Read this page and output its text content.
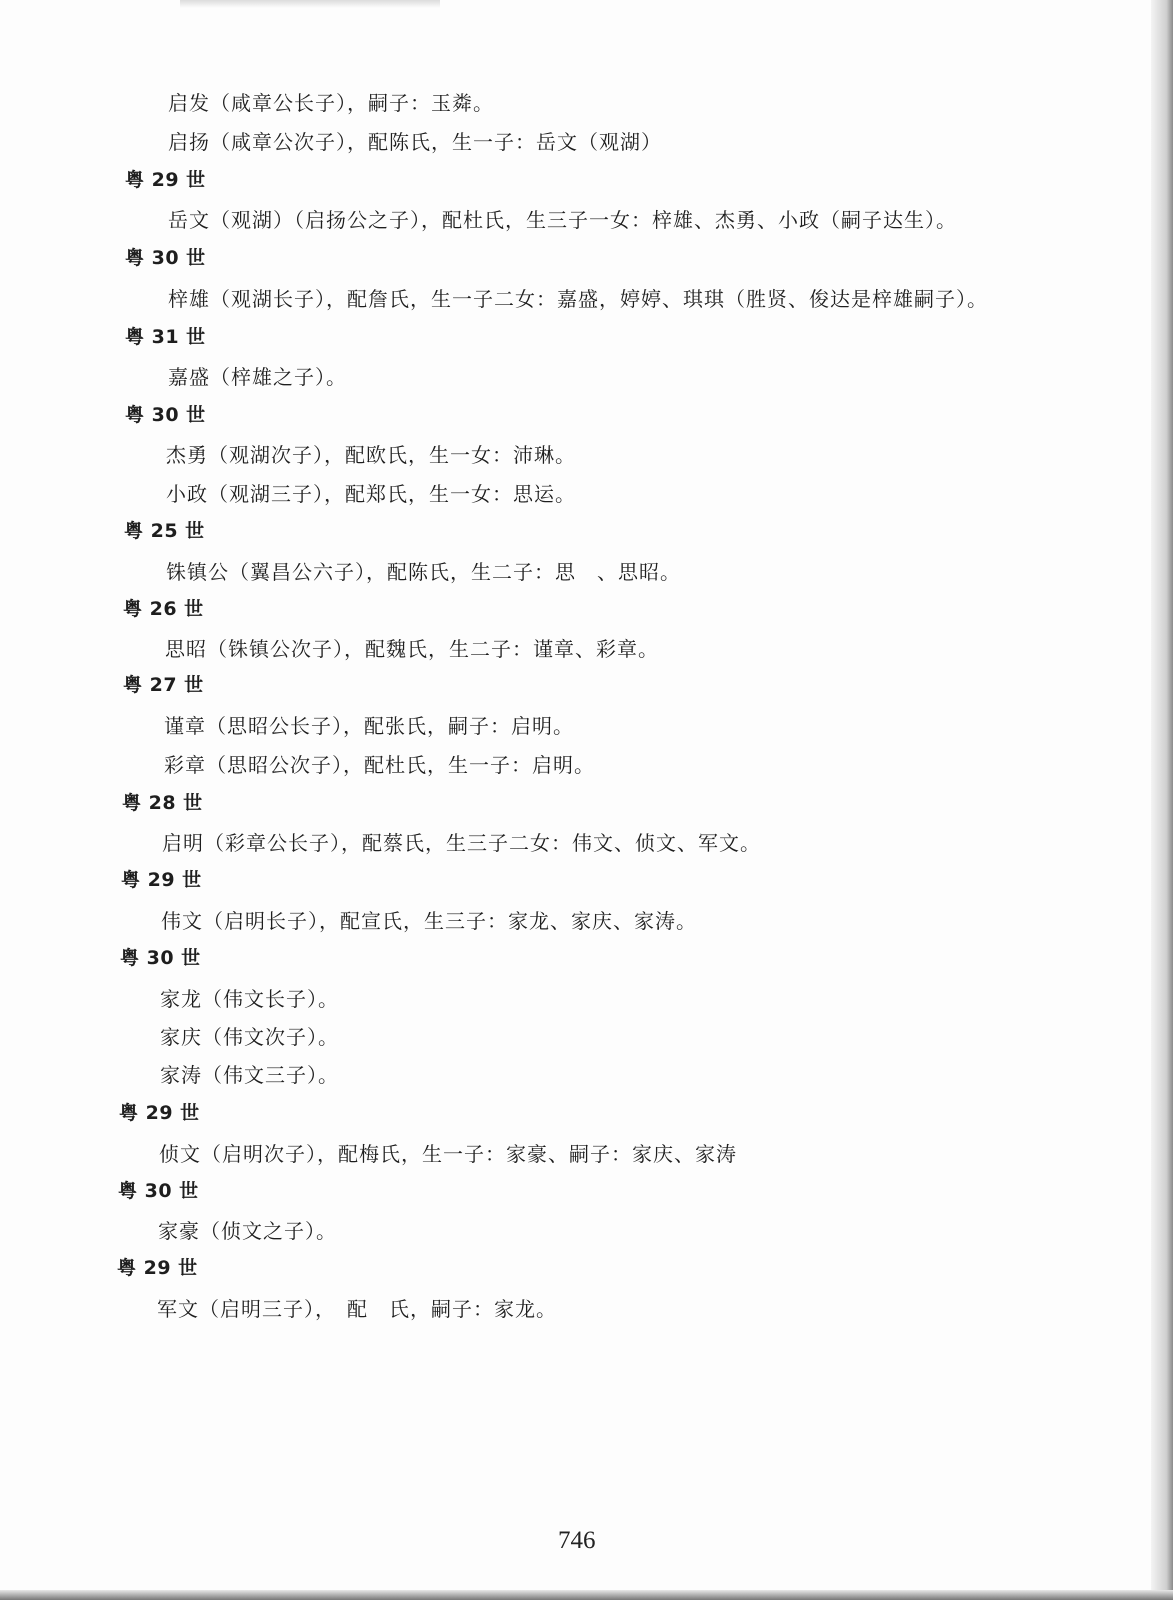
启发（咸章公长子），嗣子：玉粦。
启扬（咸章公次子），配陈氏，生一子：岳文（观湖）
粤 29 世
岳文（观湖）（启扬公之子），配杜氏，生三子一女：梓雄、杰勇、小政（嗣子达生）。
粤 30 世
梓雄（观湖长子），配詹氏，生一子二女：嘉盛，婷婷、琪琪（胜贤、俊达是梓雄嗣子）。
粤 31 世
嘉盛（梓雄之子）。
粤 30 世
杰勇（观湖次子），配欧氏，生一女：沛琳。
小政（观湖三子），配郑氏，生一女：思运。
粤 25 世
铢镇公（翼昌公六子），配陈氏，生二子：思　、思昭。
粤 26 世
思昭（铢镇公次子），配魏氏，生二子：谨章、彩章。
粤 27 世
谨章（思昭公长子），配张氏，嗣子：启明。
彩章（思昭公次子），配杜氏，生一子：启明。
粤 28 世
启明（彩章公长子），配蔡氏，生三子二女：伟文、侦文、军文。
粤 29 世
伟文（启明长子），配宣氏，生三子：家龙、家庆、家涛。
粤 30 世
家龙（伟文长子）。
家庆（伟文次子）。
家涛（伟文三子）。
粤 29 世
侦文（启明次子），配梅氏，生一子：家豪、嗣子：家庆、家涛
粤 30 世
家豪（侦文之子）。
粤 29 世
军文（启明三子），　配　氏，嗣子：家龙。
746
